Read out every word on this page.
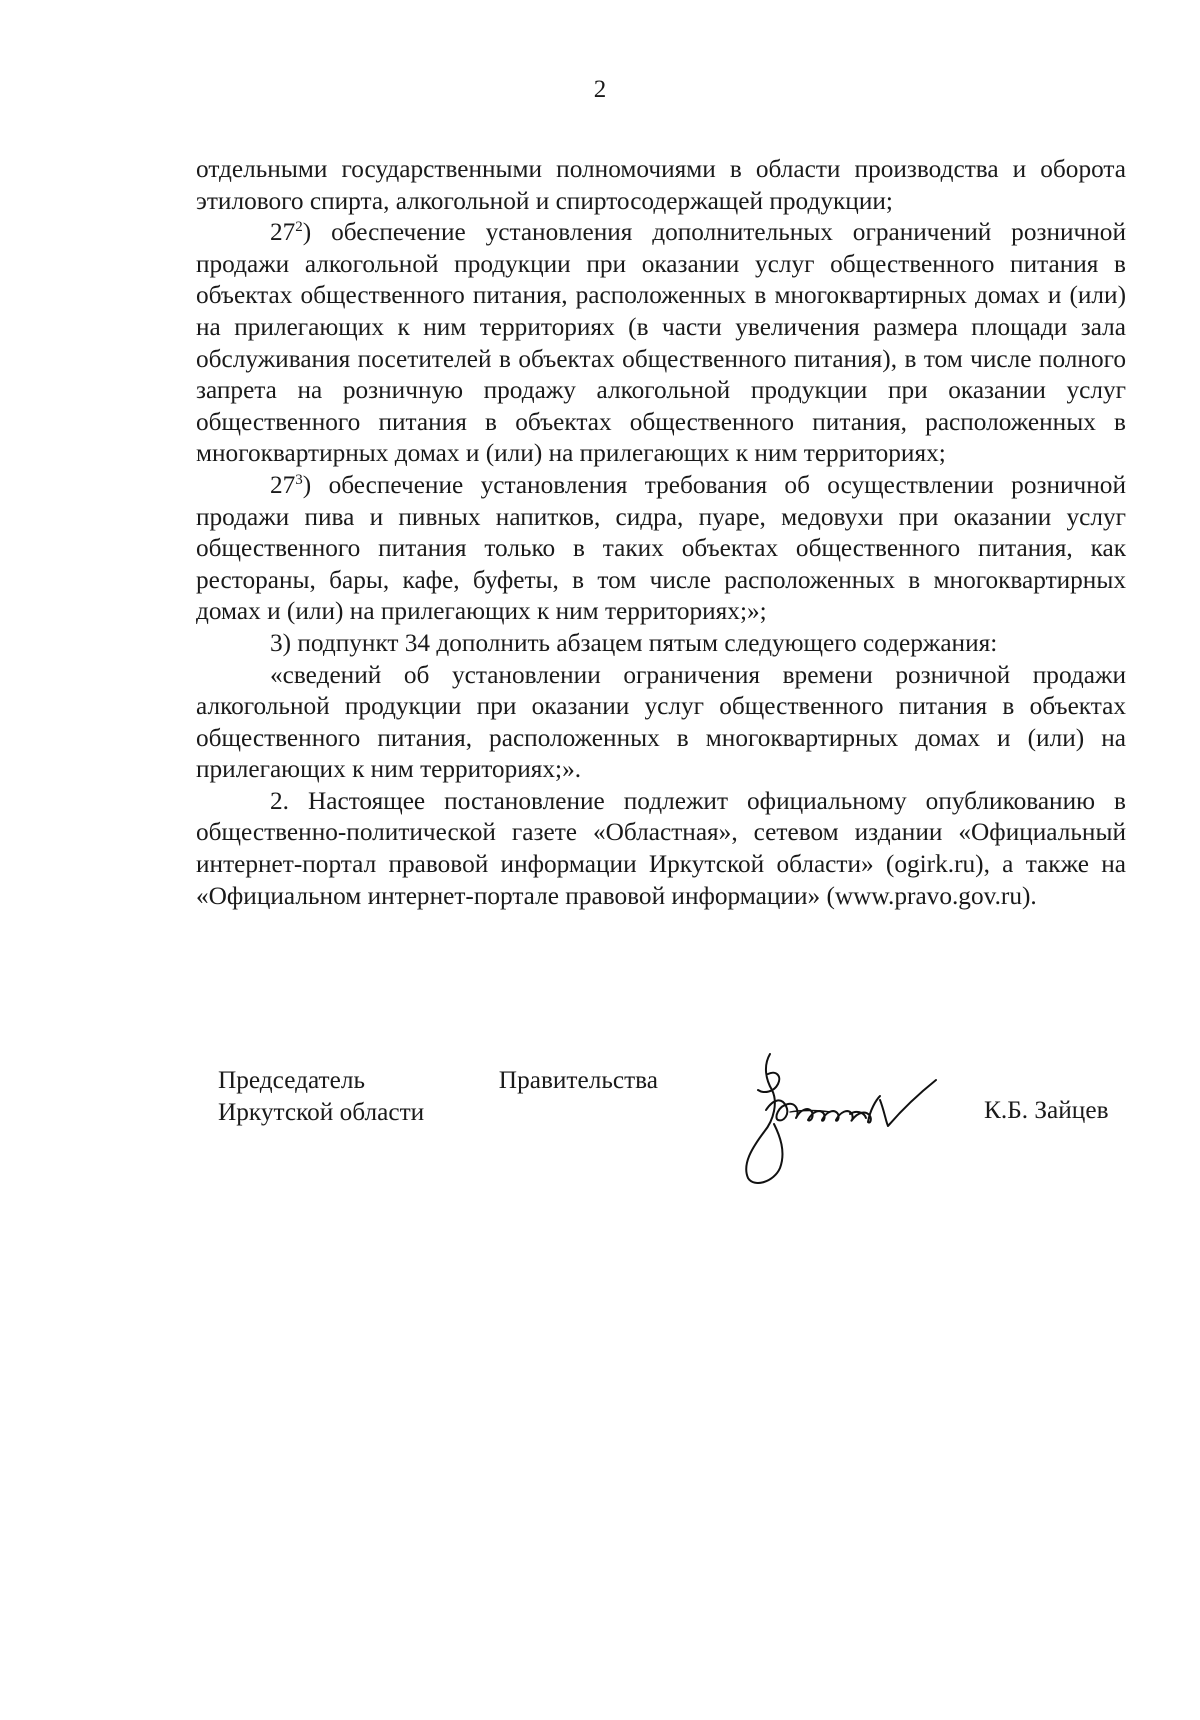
2

отдельными государственными полномочиями в области производства и оборота этилового спирта, алкогольной и спиртосодержащей продукции;

$27^2$) обеспечение установления дополнительных ограничений розничной продажи алкогольной продукции при оказании услуг общественного питания в объектах общественного питания, расположенных в многоквартирных домах и (или) на прилегающих к ним территориях (в части увеличения размера площади зала обслуживания посетителей в объектах общественного питания), в том числе полного запрета на розничную продажу алкогольной продукции при оказании услуг общественного питания в объектах общественного питания, расположенных в многоквартирных домах и (или) на прилегающих к ним территориях;

$27^3$) обеспечение установления требования об осуществлении розничной продажи пива и пивных напитков, сидра, пуаре, медовухи при оказании услуг общественного питания только в таких объектах общественного питания, как рестораны, бары, кафе, буфеты, в том числе расположенных в многоквартирных домах и (или) на прилегающих к ним территориях;»;

3) подпункт 34 дополнить абзацем пятым следующего содержания:

«сведений об установлении ограничения времени розничной продажи алкогольной продукции при оказании услуг общественного питания в объектах общественного питания, расположенных в многоквартирных домах и (или) на прилегающих к ним территориях;».

2. Настоящее постановление подлежит официальному опубликованию в общественно-политической газете «Областная», сетевом издании «Официальный интернет-портал правовой информации Иркутской области» (ogirk.ru), а также на «Официальном интернет-портале правовой информации» (www.pravo.gov.ru).

Председатель	Правительства
Иркутской области	К.Б. Зайцев
